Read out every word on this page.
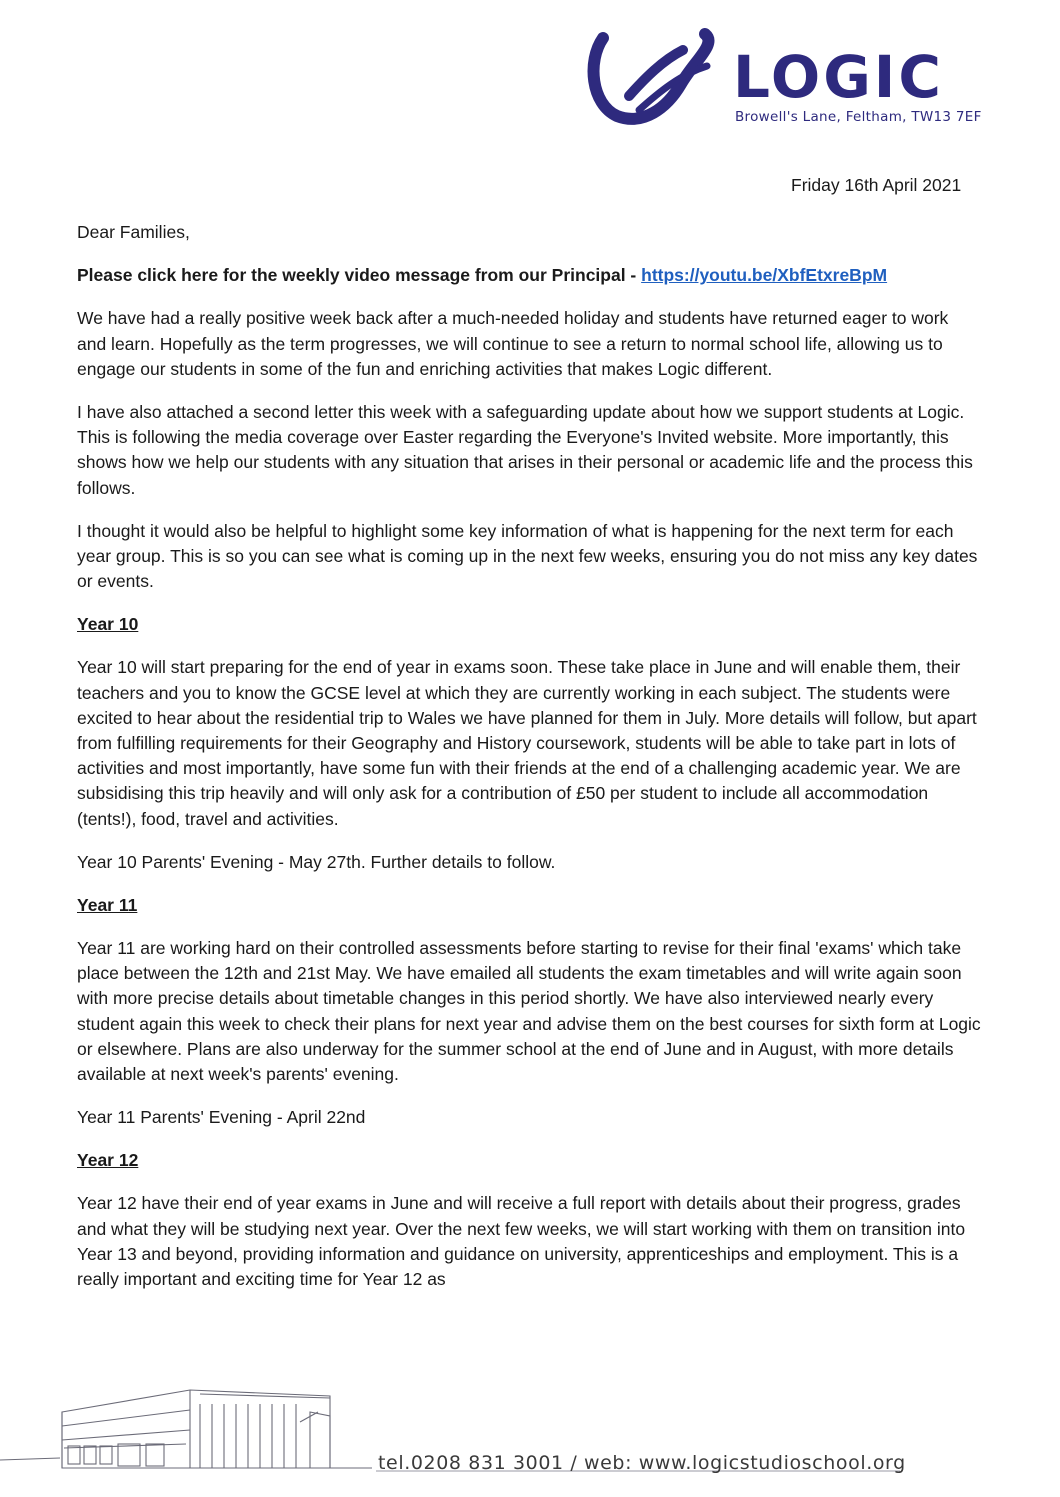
LOGIC
Browell's Lane, Feltham, TW13 7EF
Friday 16th April 2021

Dear Families,

Please click here for the weekly video message from our Principal - https://youtu.be/XbfEtxreBpM

We have had a really positive week back after a much-needed holiday and students have returned eager to work and learn. Hopefully as the term progresses, we will continue to see a return to normal school life, allowing us to engage our students in some of the fun and enriching activities that makes Logic different.

I have also attached a second letter this week with a safeguarding update about how we support students at Logic. This is following the media coverage over Easter regarding the Everyone's Invited website. More importantly, this shows how we help our students with any situation that arises in their personal or academic life and the process this follows.

I thought it would also be helpful to highlight some key information of what is happening for the next term for each year group. This is so you can see what is coming up in the next few weeks, ensuring you do not miss any key dates or events.

Year 10

Year 10 will start preparing for the end of year in exams soon. These take place in June and will enable them, their teachers and you to know the GCSE level at which they are currently working in each subject. The students were excited to hear about the residential trip to Wales we have planned for them in July. More details will follow, but apart from fulfilling requirements for their Geography and History coursework, students will be able to take part in lots of activities and most importantly, have some fun with their friends at the end of a challenging academic year. We are subsidising this trip heavily and will only ask for a contribution of £50 per student to include all accommodation (tents!), food, travel and activities.

Year 10 Parents' Evening - May 27th. Further details to follow.

Year 11

Year 11 are working hard on their controlled assessments before starting to revise for their final 'exams' which take place between the 12th and 21st May. We have emailed all students the exam timetables and will write again soon with more precise details about timetable changes in this period shortly. We have also interviewed nearly every student again this week to check their plans for next year and advise them on the best courses for sixth form at Logic or elsewhere. Plans are also underway for the summer school at the end of June and in August, with more details available at next week's parents' evening.

Year 11 Parents' Evening - April 22nd

Year 12

Year 12 have their end of year exams in June and will receive a full report with details about their progress, grades and what they will be studying next year. Over the next few weeks, we will start working with them on transition into Year 13 and beyond, providing information and guidance on university, apprenticeships and employment. This is a really important and exciting time for Year 12 as

tel.0208 831 3001 / web: www.logicstudioschool.org
